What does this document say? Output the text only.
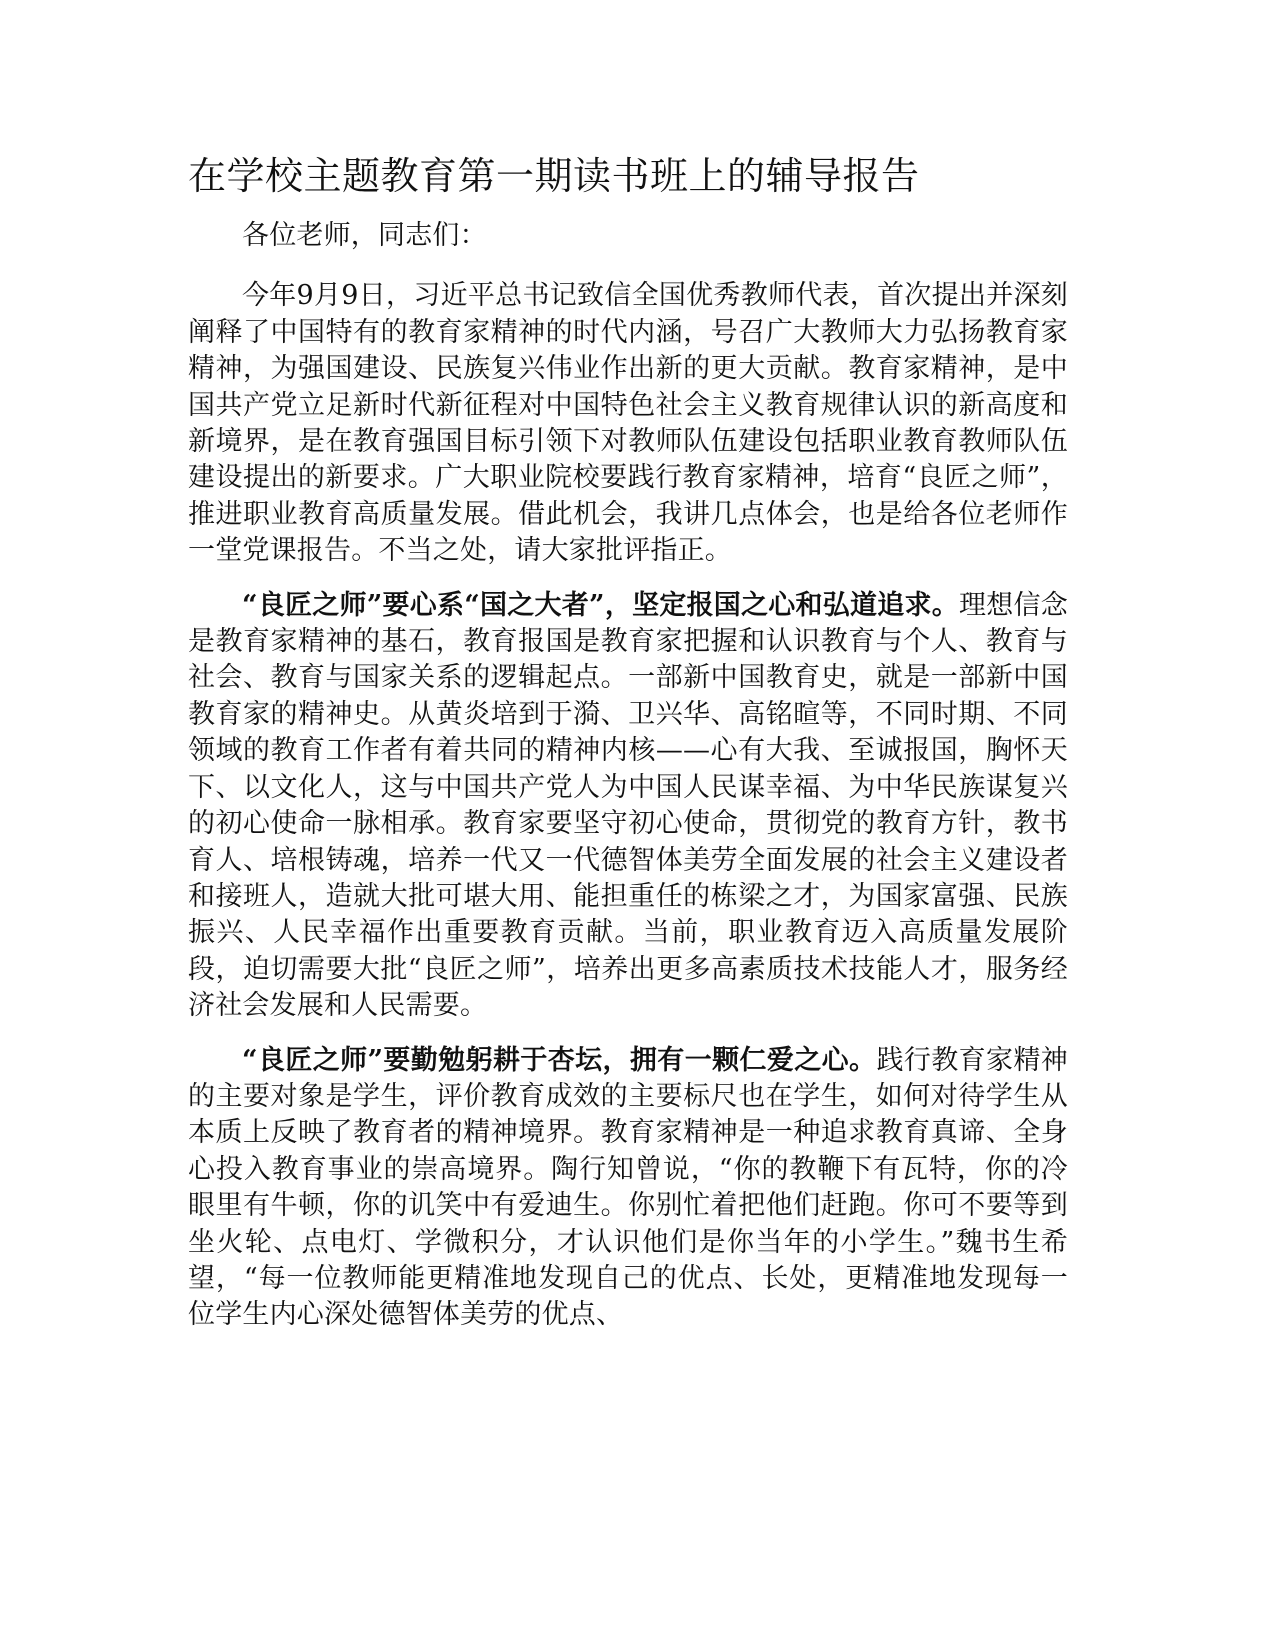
在学校主题教育第一期读书班上的辅导报告

各位老师，同志们：

今年9月9日，习近平总书记致信全国优秀教师代表，首次提出并深刻阐释了中国特有的教育家精神的时代内涵，号召广大教师大力弘扬教育家精神，为强国建设、民族复兴伟业作出新的更大贡献。教育家精神，是中国共产党立足新时代新征程对中国特色社会主义教育规律认识的新高度和新境界，是在教育强国目标引领下对教师队伍建设包括职业教育教师队伍建设提出的新要求。广大职业院校要践行教育家精神，培育“良匠之师”，推进职业教育高质量发展。借此机会，我讲几点体会，也是给各位老师作一堂党课报告。不当之处，请大家批评指正。

“良匠之师”要心系“国之大者”，坚定报国之心和弘道追求。理想信念是教育家精神的基石，教育报国是教育家把握和认识教育与个人、教育与社会、教育与国家关系的逻辑起点。一部新中国教育史，就是一部新中国教育家的精神史。从黄炎培到于漪、卫兴华、高铭暄等，不同时期、不同领域的教育工作者有着共同的精神内核——心有大我、至诚报国，胸怀天下、以文化人，这与中国共产党人为中国人民谋幸福、为中华民族谋复兴的初心使命一脉相承。教育家要坚守初心使命，贯彻党的教育方针，教书育人、培根铸魂，培养一代又一代德智体美劳全面发展的社会主义建设者和接班人，造就大批可堪大用、能担重任的栋梁之才，为国家富强、民族振兴、人民幸福作出重要教育贡献。当前，职业教育迈入高质量发展阶段，迫切需要大批“良匠之师”，培养出更多高素质技术技能人才，服务经济社会发展和人民需要。

“良匠之师”要勤勉躬耕于杏坛，拥有一颗仁爱之心。践行教育家精神的主要对象是学生，评价教育成效的主要标尺也在学生，如何对待学生从本质上反映了教育者的精神境界。教育家精神是一种追求教育真谛、全身心投入教育事业的崇高境界。陶行知曾说，“你的教鞭下有瓦特，你的冷眼里有牛顿，你的讥笑中有爱迪生。你别忙着把他们赶跑。你可不要等到坐火轮、点电灯、学微积分，才认识他们是你当年的小学生。”魏书生希望，“每一位教师能更精准地发现自己的优点、长处，更精准地发现每一位学生内心深处德智体美劳的优点、
